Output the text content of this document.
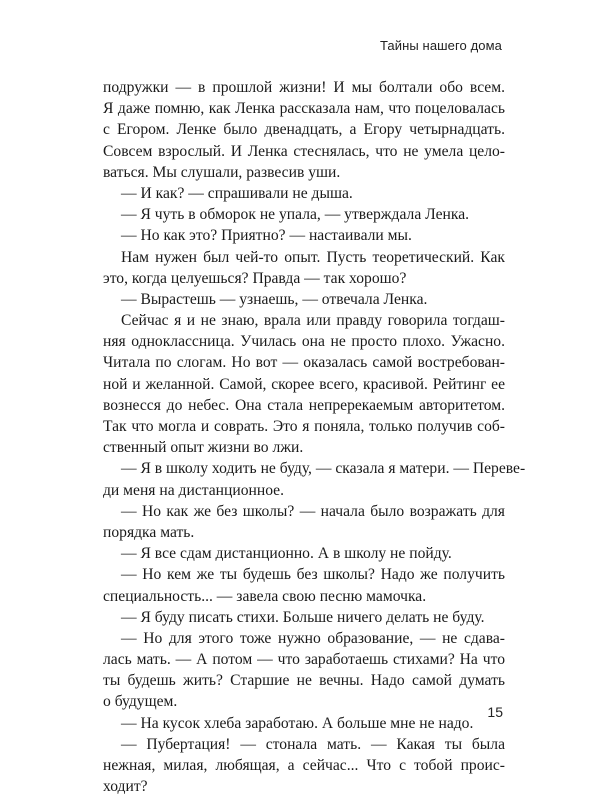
Тайны нашего дома
подружки — в прошлой жизни! И мы болтали обо всем.
Я даже помню, как Ленка рассказала нам, что поцеловалась
с Егором. Ленке было двенадцать, а Егору четырнадцать.
Совсем взрослый. И Ленка стеснялась, что не умела цело-
ваться. Мы слушали, развесив уши.
— И как? — спрашивали не дыша.
— Я чуть в обморок не упала, — утверждала Ленка.
— Но как это? Приятно? — настаивали мы.
Нам нужен был чей-то опыт. Пусть теоретический. Как
это, когда целуешься? Правда — так хорошо?
— Вырастешь — узнаешь, — отвечала Ленка.
Сейчас я и не знаю, врала или правду говорила тогдаш-
няя одноклассница. Училась она не просто плохо. Ужасно.
Читала по слогам. Но вот — оказалась самой востребован-
ной и желанной. Самой, скорее всего, красивой. Рейтинг ее
вознесся до небес. Она стала непререкаемым авторитетом.
Так что могла и соврать. Это я поняла, только получив соб-
ственный опыт жизни во лжи.
— Я в школу ходить не буду, — сказала я матери. — Переве-
ди меня на дистанционное.
— Но как же без школы? — начала было возражать для
порядка мать.
— Я все сдам дистанционно. А в школу не пойду.
— Но кем же ты будешь без школы? Надо же получить
специальность... — завела свою песню мамочка.
— Я буду писать стихи. Больше ничего делать не буду.
— Но для этого тоже нужно образование, — не сдава-
лась мать. — А потом — что заработаешь стихами? На что
ты будешь жить? Старшие не вечны. Надо самой думать
о будущем.
— На кусок хлеба заработаю. А больше мне не надо.
— Пубертация! — стонала мать. — Какая ты была
нежная, милая, любящая, а сейчас... Что с тобой проис-
ходит?
15
